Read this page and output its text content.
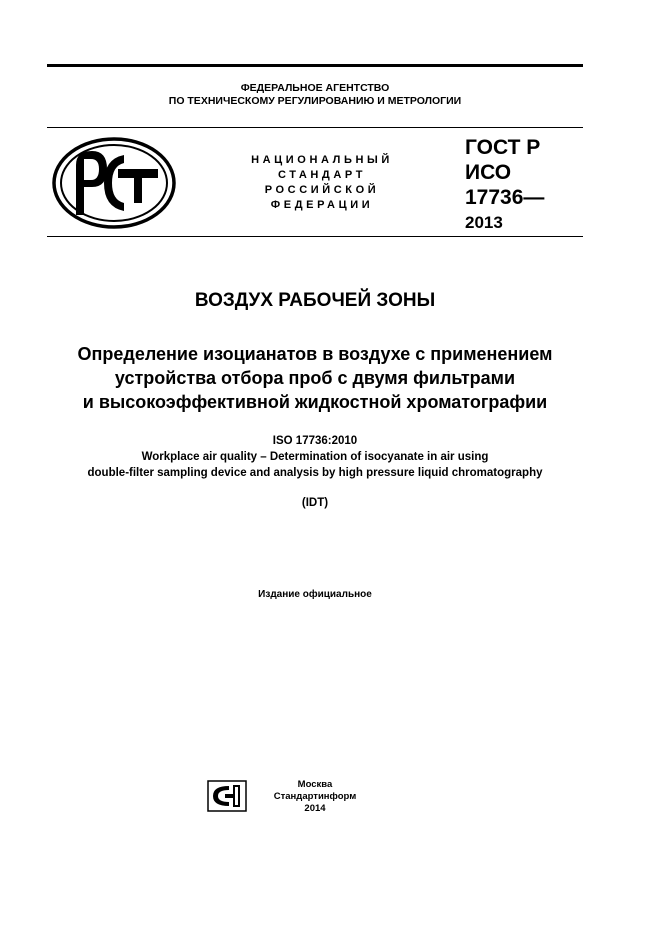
ФЕДЕРАЛЬНОЕ АГЕНТСТВО
ПО ТЕХНИЧЕСКОМУ РЕГУЛИРОВАНИЮ И МЕТРОЛОГИИ
НАЦИОНАЛЬНЫЙ
СТАНДАРТ
РОССИЙСКОЙ
ФЕДЕРАЦИИ
ГОСТ Р
ИСО
17736—
2013
ВОЗДУХ РАБОЧЕЙ ЗОНЫ
Определение изоцианатов в воздухе с применением
устройства отбора проб с двумя фильтрами
и высокоэффективной жидкостной хроматографии
ISO 17736:2010
Workplace air quality – Determination of isocyanate in air using
double-filter sampling device and analysis by high pressure liquid chromatography
(IDT)
Издание официальное
Москва
Стандартинформ
2014
